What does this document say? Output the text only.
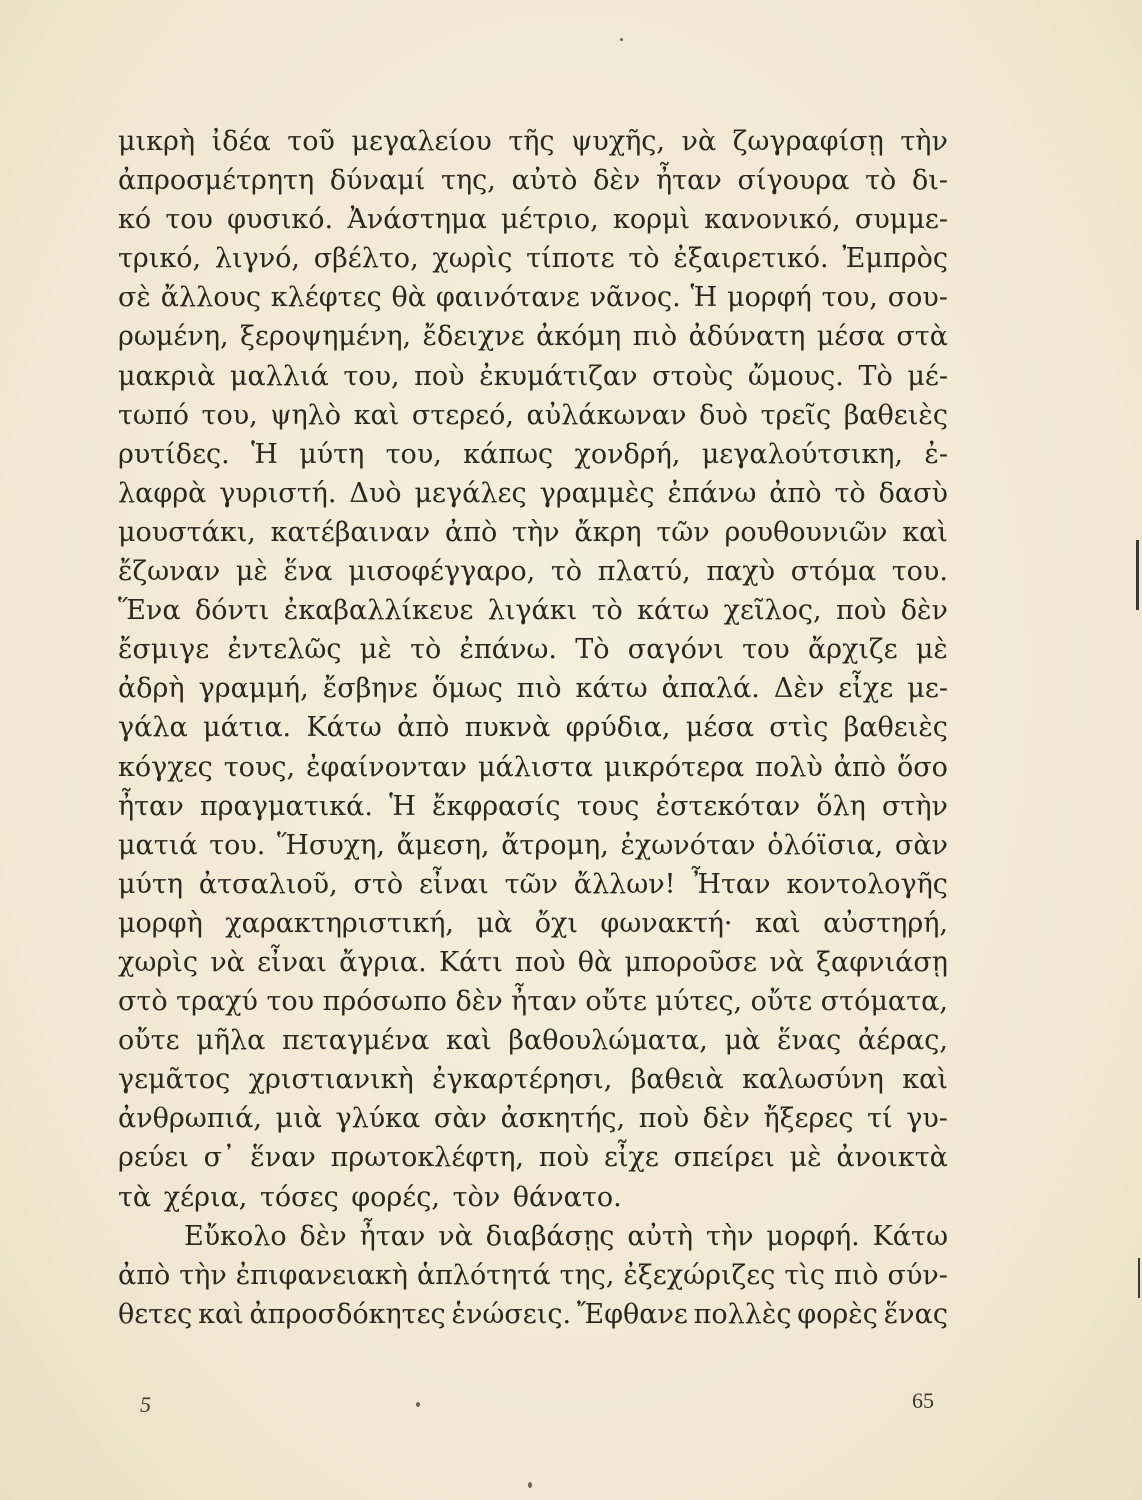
μικρὴ ἰδέα τοῦ μεγαλείου τῆς ψυχῆς, νὰ ζωγραφίσῃ τὴν
ἀπροσμέτρητη δύναμί της, αὐτὸ δὲν ἦταν σίγουρα τὸ δι-
κό του φυσικό. Ἀνάστημα μέτριο, κορμὶ κανονικό, συμμε-
τρικό, λιγνό, σβέλτο, χωρὶς τίποτε τὸ ἐξαιρετικό. Ἐμπρὸς
σὲ ἄλλους κλέφτες θὰ φαινότανε νᾶνος. Ἡ μορφή του, σου-
ρωμένη, ξεροψημένη, ἔδειχνε ἀκόμη πιὸ ἀδύνατη μέσα στὰ
μακριὰ μαλλιά του, ποὺ ἐκυμάτιζαν στοὺς ὤμους. Τὸ μέ-
τωπό του, ψηλὸ καὶ στερεό, αὐλάκωναν δυὸ τρεῖς βαθειὲς
ρυτίδες. Ἡ μύτη του, κάπως χονδρή, μεγαλούτσικη, ἐ-
λαφρὰ γυριστή. Δυὸ μεγάλες γραμμὲς ἐπάνω ἀπὸ τὸ δασὺ
μουστάκι, κατέβαιναν ἀπὸ τὴν ἄκρη τῶν ρουθουνιῶν καὶ
ἔζωναν μὲ ἕνα μισοφέγγαρο, τὸ πλατύ, παχὺ στόμα του.
Ἕνα δόντι ἐκαβαλλίκευε λιγάκι τὸ κάτω χεῖλος, ποὺ δὲν
ἔσμιγε ἐντελῶς μὲ τὸ ἐπάνω. Τὸ σαγόνι του ἄρχιζε μὲ
ἀδρὴ γραμμή, ἔσβηνε ὅμως πιὸ κάτω ἀπαλά. Δὲν εἶχε με-
γάλα μάτια. Κάτω ἀπὸ πυκνὰ φρύδια, μέσα στὶς βαθειὲς
κόγχες τους, ἐφαίνονταν μάλιστα μικρότερα πολὺ ἀπὸ ὅσο
ἦταν πραγματικά. Ἡ ἔκφρασίς τους ἐστεκόταν ὅλη στὴν
ματιά του. Ἥσυχη, ἄμεση, ἄτρομη, ἐχωνόταν ὁλόϊσια, σὰν
μύτη ἀτσαλιοῦ, στὸ εἶναι τῶν ἄλλων! Ἦταν κοντολογῆς
μορφὴ χαρακτηριστική, μὰ ὄχι φωνακτή· καὶ αὐστηρή,
χωρὶς νὰ εἶναι ἄγρια. Κάτι ποὺ θὰ μποροῦσε νὰ ξαφνιάσῃ
στὸ τραχύ του πρόσωπο δὲν ἦταν οὔτε μύτες, οὔτε στόματα,
οὔτε μῆλα πεταγμένα καὶ βαθουλώματα, μὰ ἕνας ἀέρας,
γεμᾶτος χριστιανικὴ ἐγκαρτέρησι, βαθειὰ καλωσύνη καὶ
ἀνθρωπιά, μιὰ γλύκα σὰν ἀσκητής, ποὺ δὲν ἤξερες τί γυ-
ρεύει σ᾿ ἕναν πρωτοκλέφτη, ποὺ εἶχε σπείρει μὲ ἀνοικτὰ
τὰ χέρια, τόσες φορές, τὸν θάνατο.
Εὔκολο δὲν ἦταν νὰ διαβάσῃς αὐτὴ τὴν μορφή. Κάτω
ἀπὸ τὴν ἐπιφανειακὴ ἁπλότητά της, ἐξεχώριζες τὶς πιὸ σύν-
θετες καὶ ἀπροσδόκητες ἑνώσεις. Ἔφθανε πολλὲς φορὲς ἕνας
5	65
